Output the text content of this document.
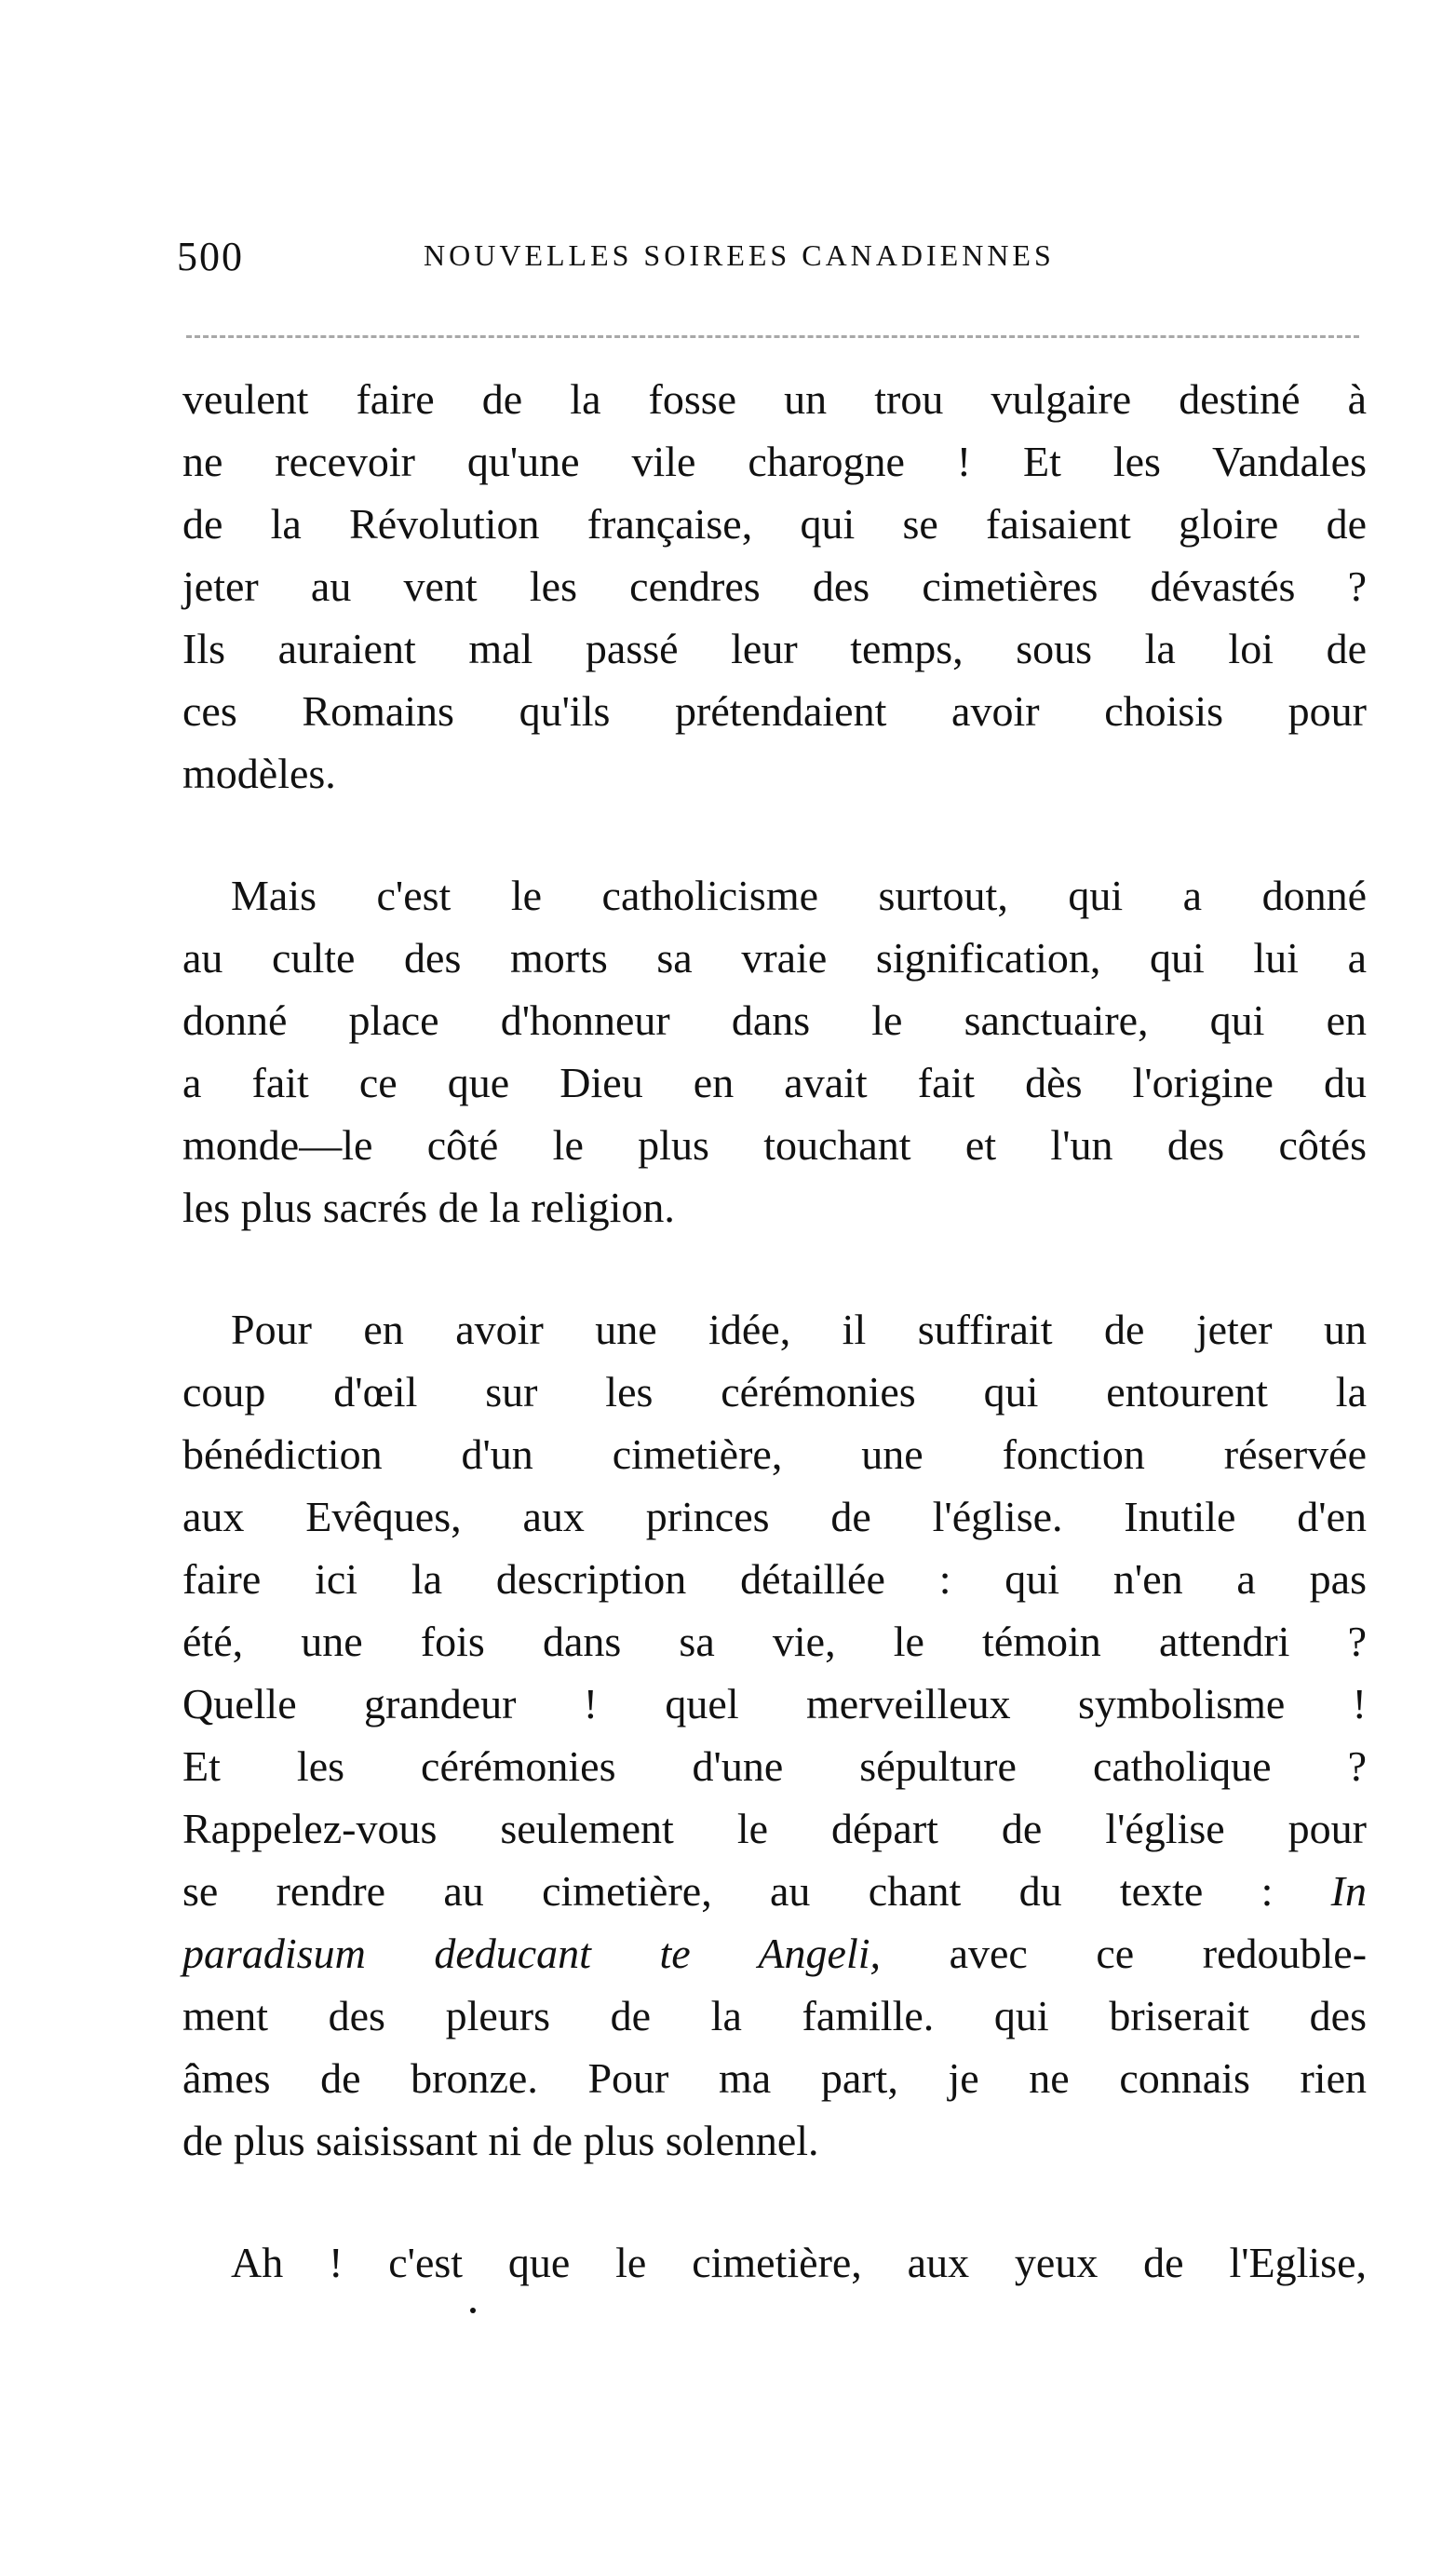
500	NOUVELLES SOIREES CANADIENNES

veulent faire de la fosse un trou vulgaire destiné à
ne recevoir qu'une vile charogne ! Et les Vandales
de la Révolution française, qui se faisaient gloire de
jeter au vent les cendres des cimetières dévastés ?
Ils auraient mal passé leur temps, sous la loi de
ces Romains qu'ils prétendaient avoir choisis pour
modèles.

Mais c'est le catholicisme surtout, qui a donné
au culte des morts sa vraie signification, qui lui a
donné place d'honneur dans le sanctuaire, qui en
a fait ce que Dieu en avait fait dès l'origine du
monde—le côté le plus touchant et l'un des côtés
les plus sacrés de la religion.

Pour en avoir une idée, il suffirait de jeter un
coup d'œil sur les cérémonies qui entourent la
bénédiction d'un cimetière, une fonction réservée
aux Evêques, aux princes de l'église. Inutile d'en
faire ici la description détaillée : qui n'en a pas
été, une fois dans sa vie, le témoin attendri ?
Quelle grandeur ! quel merveilleux symbolisme !
Et les cérémonies d'une sépulture catholique ?
Rappelez-vous seulement le départ de l'église pour
se rendre au cimetière, au chant du texte : In
paradisum deducant te Angeli, avec ce redouble-
ment des pleurs de la famille. qui briserait des
âmes de bronze. Pour ma part, je ne connais rien
de plus saisissant ni de plus solennel.

Ah ! c'est que le cimetière, aux yeux de l'Eglise,
